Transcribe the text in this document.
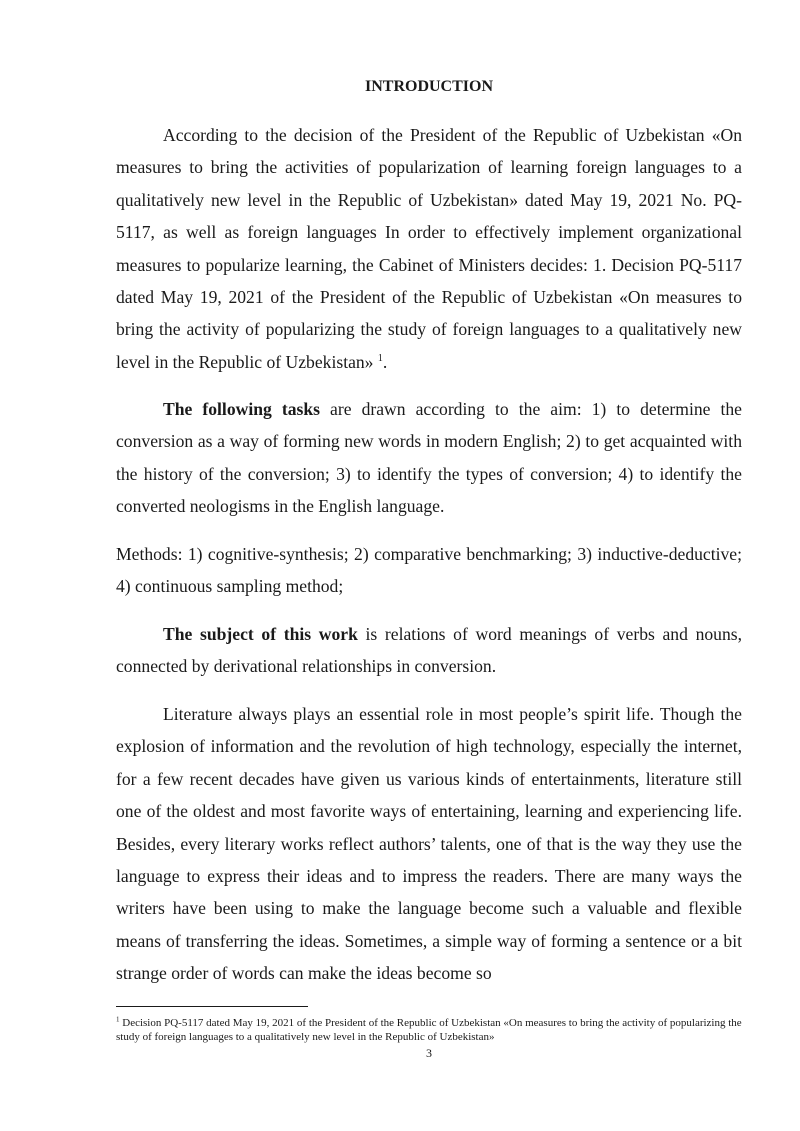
INTRODUCTION

According to the decision of the President of the Republic of Uzbekistan «On measures to bring the activities of popularization of learning foreign languages to a qualitatively new level in the Republic of Uzbekistan» dated May 19, 2021 No. PQ-5117, as well as foreign languages In order to effectively implement organizational measures to popularize learning, the Cabinet of Ministers decides: 1. Decision PQ-5117 dated May 19, 2021 of the President of the Republic of Uzbekistan «On measures to bring the activity of popularizing the study of foreign languages to a qualitatively new level in the Republic of Uzbekistan» $^1$.

The following tasks are drawn according to the aim: 1) to determine the conversion as a way of forming new words in modern English; 2) to get acquainted with the history of the conversion; 3) to identify the types of conversion; 4) to identify the converted neologisms in the English language.

Methods: 1) cognitive-synthesis; 2) comparative benchmarking; 3) inductive-deductive; 4) continuous sampling method;

The subject of this work is relations of word meanings of verbs and nouns, connected by derivational relationships in conversion.

Literature always plays an essential role in most people’s spirit life. Though the explosion of information and the revolution of high technology, especially the internet, for a few recent decades have given us various kinds of entertainments, literature still one of the oldest and most favorite ways of entertaining, learning and experiencing life. Besides, every literary works reflect authors’ talents, one of that is the way they use the language to express their ideas and to impress the readers. There are many ways the writers have been using to make the language become such a valuable and flexible means of transferring the ideas. Sometimes, a simple way of forming a sentence or a bit strange order of words can make the ideas become so

$^1$ Decision PQ-5117 dated May 19, 2021 of the President of the Republic of Uzbekistan «On measures to bring the activity of popularizing the study of foreign languages to a qualitatively new level in the Republic of Uzbekistan»

3
